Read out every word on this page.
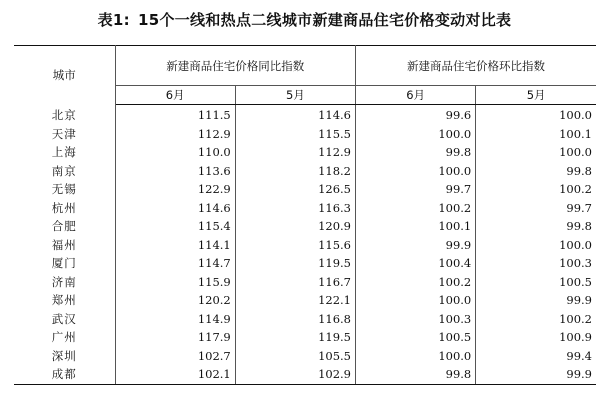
表1: 15个一线和热点二线城市新建商品住宅价格变动对比表
城市	新建商品住宅价格同比指数		新建商品住宅价格环比指数	
	6月	5月	6月	5月
北京	111.5	114.6	99.6	100.0
天津	112.9	115.5	100.0	100.1
上海	110.0	112.9	99.8	100.0
南京	113.6	118.2	100.0	99.8
无锡	122.9	126.5	99.7	100.2
杭州	114.6	116.3	100.2	99.7
合肥	115.4	120.9	100.1	99.8
福州	114.1	115.6	99.9	100.0
厦门	114.7	119.5	100.4	100.3
济南	115.9	116.7	100.2	100.5
郑州	120.2	122.1	100.0	99.9
武汉	114.9	116.8	100.3	100.2
广州	117.9	119.5	100.5	100.9
深圳	102.7	105.5	100.0	99.4
成都	102.1	102.9	99.8	99.9
